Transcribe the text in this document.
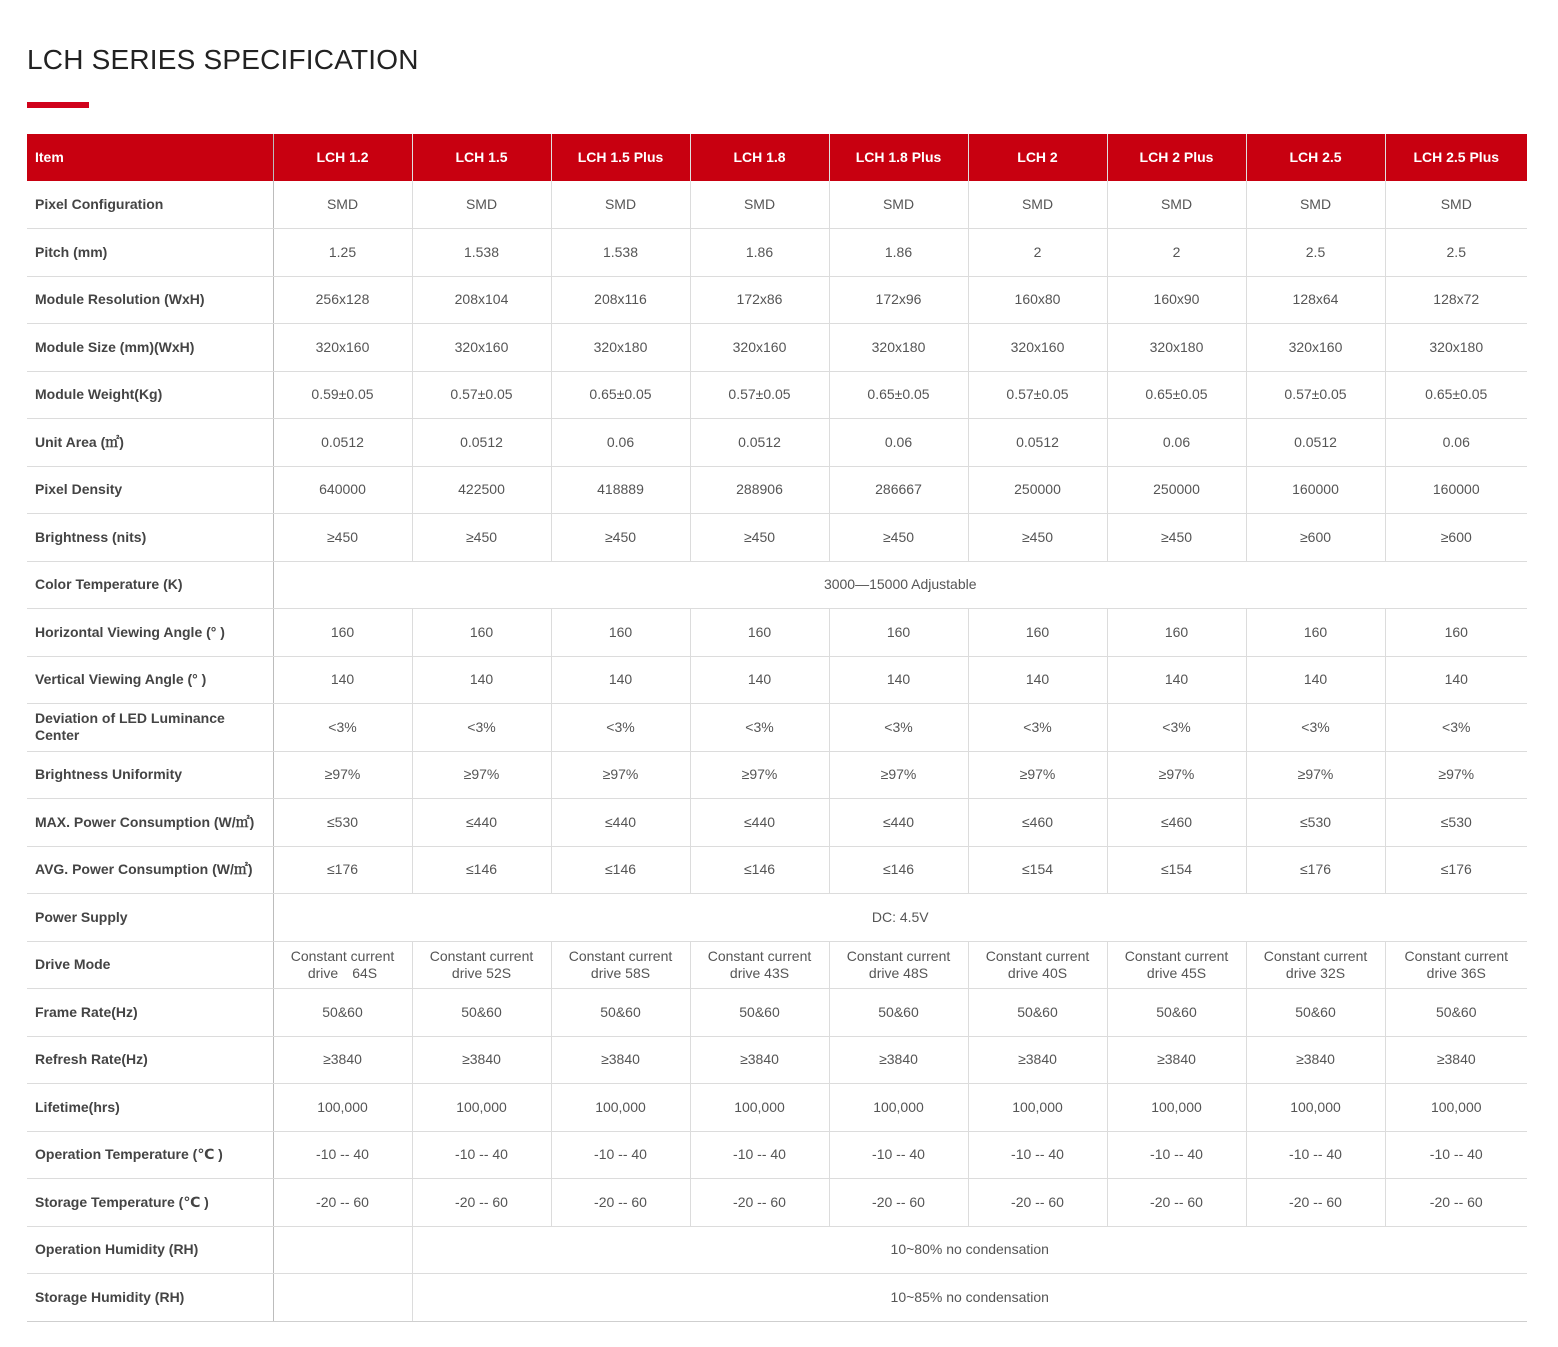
LCH SERIES SPECIFICATION
Item	LCH 1.2	LCH 1.5	LCH 1.5 Plus	LCH 1.8	LCH 1.8 Plus	LCH 2	LCH 2 Plus	LCH 2.5	LCH 2.5 Plus
Pixel Configuration	SMD	SMD	SMD	SMD	SMD	SMD	SMD	SMD	SMD
Pitch (mm)	1.25	1.538	1.538	1.86	1.86	2	2	2.5	2.5
Module Resolution (WxH)	256x128	208x104	208x116	172x86	172x96	160x80	160x90	128x64	128x72
Module Size (mm)(WxH)	320x160	320x160	320x180	320x160	320x180	320x160	320x180	320x160	320x180
Module Weight(Kg)	0.59±0.05	0.57±0.05	0.65±0.05	0.57±0.05	0.65±0.05	0.57±0.05	0.65±0.05	0.57±0.05	0.65±0.05
Unit Area (㎡)	0.0512	0.0512	0.06	0.0512	0.06	0.0512	0.06	0.0512	0.06
Pixel Density	640000	422500	418889	288906	286667	250000	250000	160000	160000
Brightness (nits)	≥450	≥450	≥450	≥450	≥450	≥450	≥450	≥600	≥600
Color Temperature (K)	3000—15000 Adjustable								
Horizontal Viewing Angle (° )	160	160	160	160	160	160	160	160	160
Vertical Viewing Angle (° )	140	140	140	140	140	140	140	140	140
Deviation of LED Luminance Center	<3%	<3%	<3%	<3%	<3%	<3%	<3%	<3%	<3%
Brightness Uniformity	≥97%	≥97%	≥97%	≥97%	≥97%	≥97%	≥97%	≥97%	≥97%
MAX. Power Consumption (W/㎡)	≤530	≤440	≤440	≤440	≤440	≤460	≤460	≤530	≤530
AVG. Power Consumption (W/㎡)	≤176	≤146	≤146	≤146	≤146	≤154	≤154	≤176	≤176
Power Supply	DC: 4.5V								
Drive Mode	Constant current drive　64S	Constant current drive 52S	Constant current drive 58S	Constant current drive 43S	Constant current drive 48S	Constant current drive 40S	Constant current drive 45S	Constant current drive 32S	Constant current drive 36S
Frame Rate(Hz)	50&60	50&60	50&60	50&60	50&60	50&60	50&60	50&60	50&60
Refresh Rate(Hz)	≥3840	≥3840	≥3840	≥3840	≥3840	≥3840	≥3840	≥3840	≥3840
Lifetime(hrs)	100,000	100,000	100,000	100,000	100,000	100,000	100,000	100,000	100,000
Operation Temperature (℃ )	-10 -- 40	-10 -- 40	-10 -- 40	-10 -- 40	-10 -- 40	-10 -- 40	-10 -- 40	-10 -- 40	-10 -- 40
Storage Temperature (℃ )	-20 -- 60	-20 -- 60	-20 -- 60	-20 -- 60	-20 -- 60	-20 -- 60	-20 -- 60	-20 -- 60	-20 -- 60
Operation Humidity (RH)		10~80% no condensation							
Storage Humidity (RH)		10~85% no condensation							
